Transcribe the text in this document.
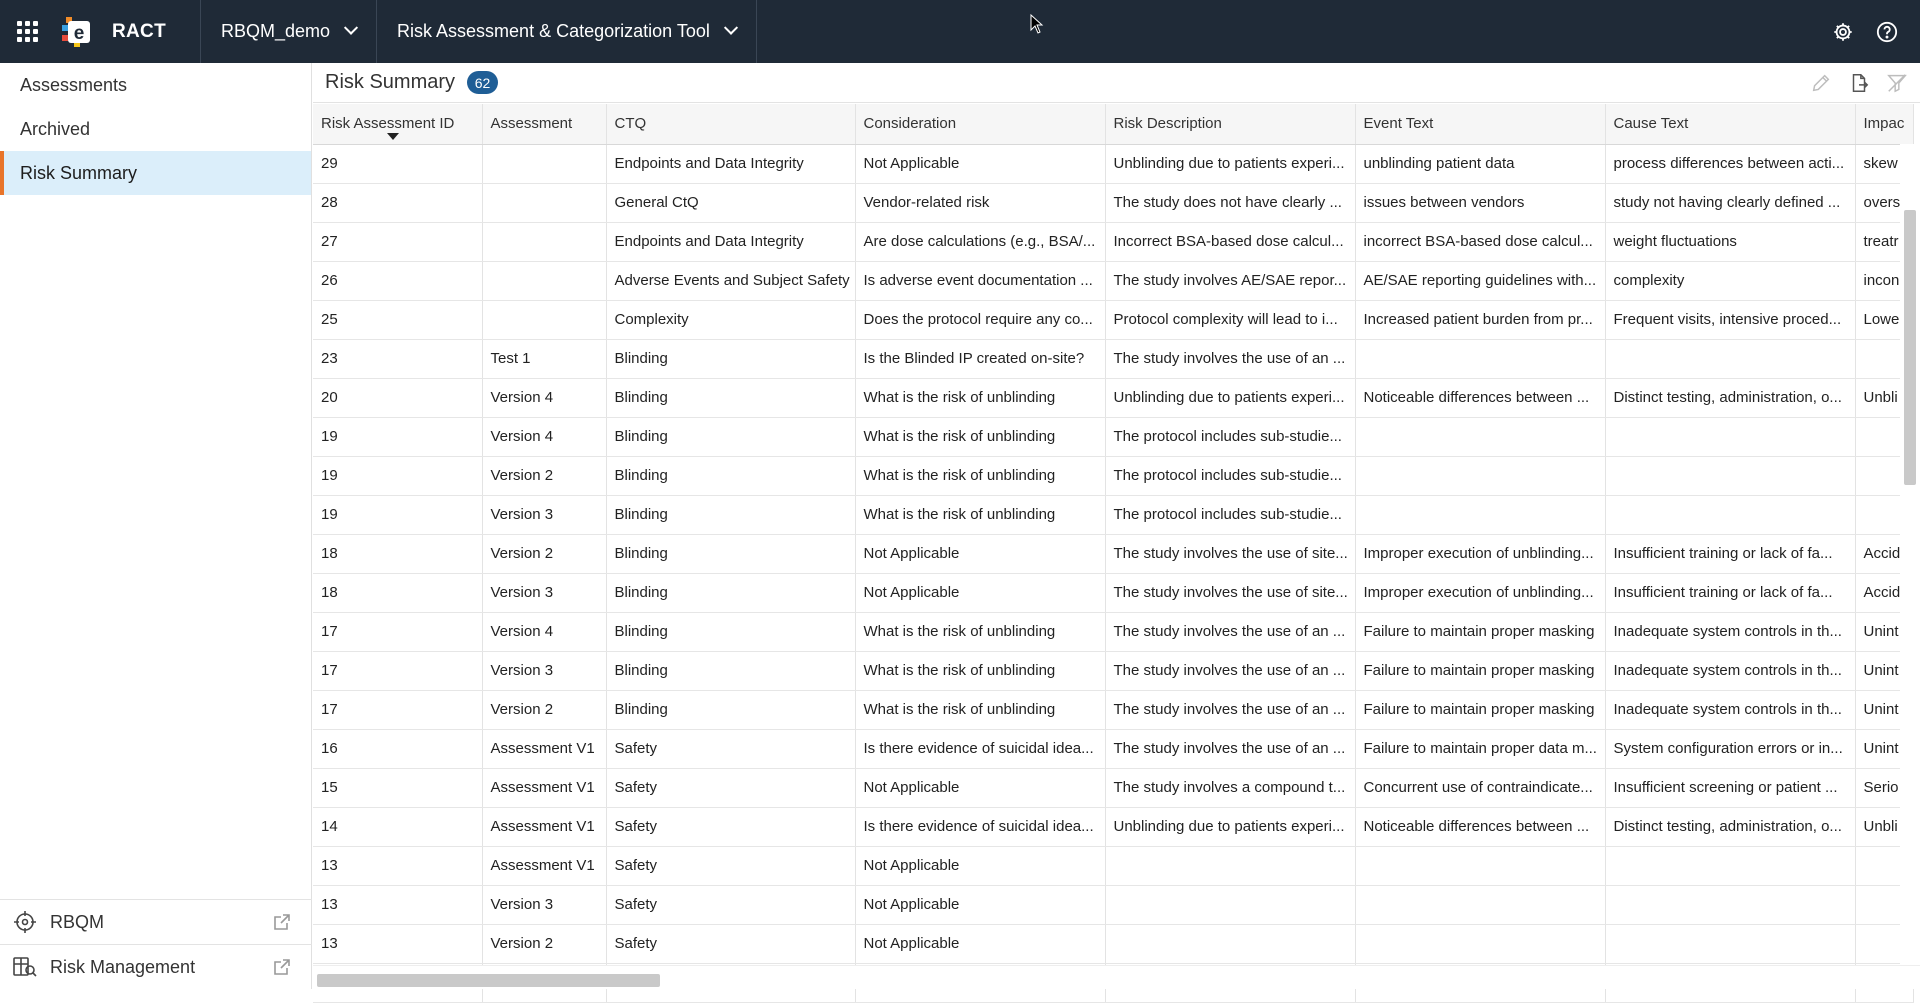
e RACT	RBQM_demo	Risk Assessment & Categorization Tool
Assessments
Archived
Risk Summary
RBQM
Risk Management
Risk Summary	62
Risk Assessment ID	Assessment	CTQ	Consideration	Risk Description	Event Text	Cause Text	Impac
29		Endpoints and Data Integrity	Not Applicable	Unblinding due to patients experi...	unblinding patient data	process differences between acti...	skew
28		General CtQ	Vendor-related risk	The study does not have clearly ...	issues between vendors	study not having clearly defined ...	overs
27		Endpoints and Data Integrity	Are dose calculations (e.g., BSA/...	Incorrect BSA-based dose calcul...	incorrect BSA-based dose calcul...	weight fluctuations	treatr
26		Adverse Events and Subject Safety	Is adverse event documentation ...	The study involves AE/SAE repor...	AE/SAE reporting guidelines with...	complexity	incon
25		Complexity	Does the protocol require any co...	Protocol complexity will lead to i...	Increased patient burden from pr...	Frequent visits, intensive proced...	Lowe
23	Test 1	Blinding	Is the Blinded IP created on-site?	The study involves the use of an ...			
20	Version 4	Blinding	What is the risk of unblinding	Unblinding due to patients experi...	Noticeable differences between ...	Distinct testing, administration, o...	Unbli
19	Version 4	Blinding	What is the risk of unblinding	The protocol includes sub-studie...			
19	Version 2	Blinding	What is the risk of unblinding	The protocol includes sub-studie...			
19	Version 3	Blinding	What is the risk of unblinding	The protocol includes sub-studie...			
18	Version 2	Blinding	Not Applicable	The study involves the use of site...	Improper execution of unblinding...	Insufficient training or lack of fa...	Accid
18	Version 3	Blinding	Not Applicable	The study involves the use of site...	Improper execution of unblinding...	Insufficient training or lack of fa...	Accid
17	Version 4	Blinding	What is the risk of unblinding	The study involves the use of an ...	Failure to maintain proper masking	Inadequate system controls in th...	Unint
17	Version 3	Blinding	What is the risk of unblinding	The study involves the use of an ...	Failure to maintain proper masking	Inadequate system controls in th...	Unint
17	Version 2	Blinding	What is the risk of unblinding	The study involves the use of an ...	Failure to maintain proper masking	Inadequate system controls in th...	Unint
16	Assessment V1	Safety	Is there evidence of suicidal idea...	The study involves the use of an ...	Failure to maintain proper data m...	System configuration errors or in...	Unint
15	Assessment V1	Safety	Not Applicable	The study involves a compound t...	Concurrent use of contraindicate...	Insufficient screening or patient ...	Serio
14	Assessment V1	Safety	Is there evidence of suicidal idea...	Unblinding due to patients experi...	Noticeable differences between ...	Distinct testing, administration, o...	Unbli
13	Assessment V1	Safety	Not Applicable				
13	Version 3	Safety	Not Applicable				
13	Version 2	Safety	Not Applicable				
